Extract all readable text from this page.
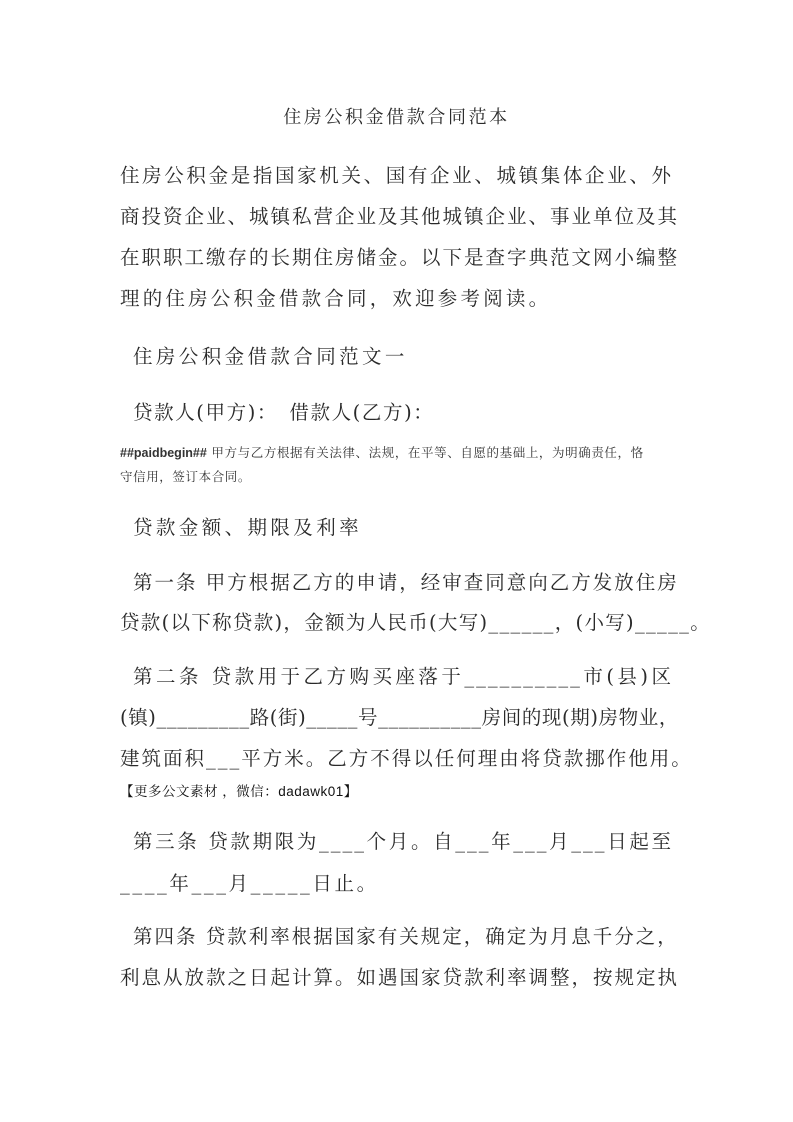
住房公积金借款合同范本
住房公积金是指国家机关、国有企业、城镇集体企业、外
商投资企业、城镇私营企业及其他城镇企业、事业单位及其
在职职工缴存的长期住房储金。以下是查字典范文网小编整
理的住房公积金借款合同，欢迎参考阅读。
住房公积金借款合同范文一
贷款人(甲方)：　借款人(乙方)：
##paidbegin## 甲方与乙方根据有关法律、法规，在平等、自愿的基础上，为明确责任，恪
守信用，签订本合同。
贷款金额、期限及利率
第一条 甲方根据乙方的申请，经审查同意向乙方发放住房
贷款(以下称贷款)，金额为人民币(大写)______，(小写)_____。
第二条 贷款用于乙方购买座落于__________市(县)区
(镇)_________路(街)_____号__________房间的现(期)房物业，
建筑面积___平方米。乙方不得以任何理由将贷款挪作他用。
【更多公文素材 ，微信：dadawk01】
第三条 贷款期限为____个月。自___年___月___日起至
____年___月_____日止。
第四条 贷款利率根据国家有关规定，确定为月息千分之，
利息从放款之日起计算。如遇国家贷款利率调整，按规定执
